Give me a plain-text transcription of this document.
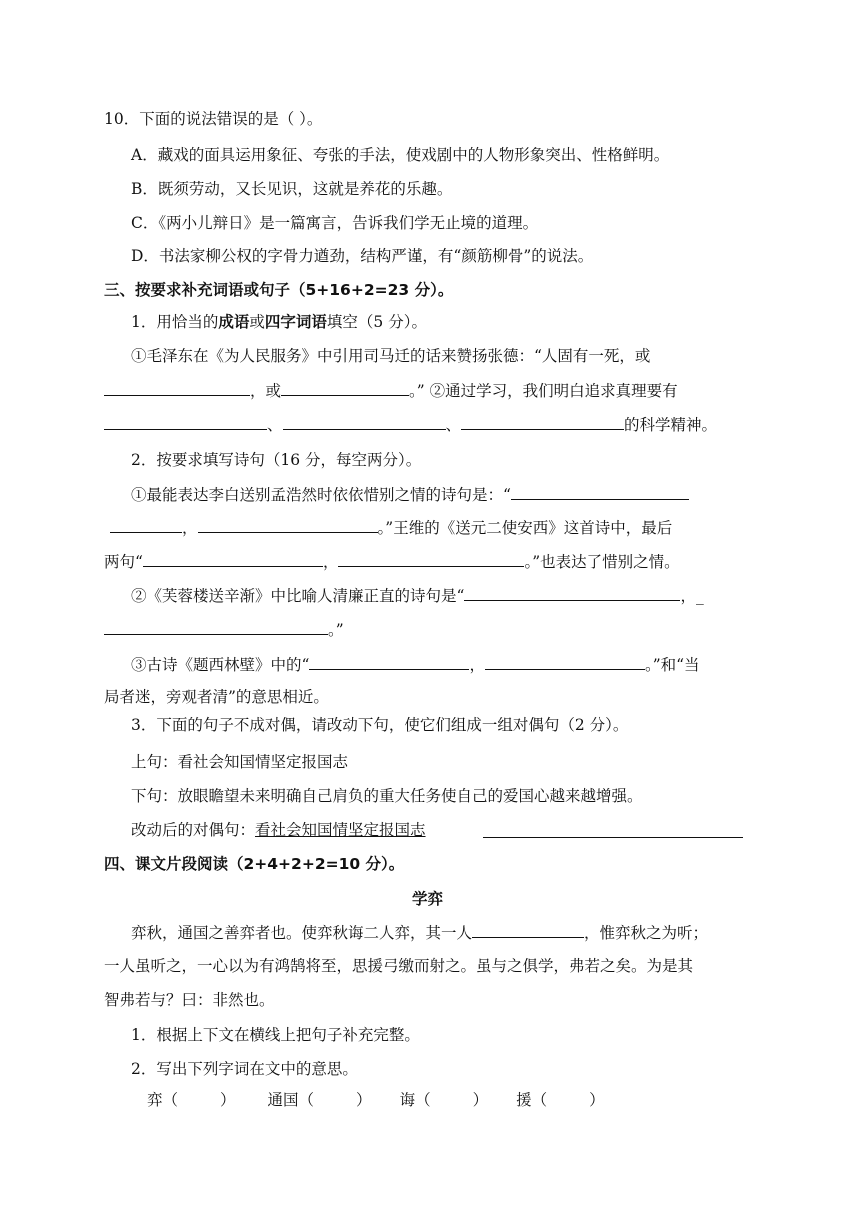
10．下面的说法错误的是（ ）。
A．藏戏的面具运用象征、夸张的手法，使戏剧中的人物形象突出、性格鲜明。
B．既须劳动，又长见识，这就是养花的乐趣。
C．《两小儿辩日》是一篇寓言，告诉我们学无止境的道理。
D．书法家柳公权的字骨力遒劲，结构严谨，有“颜筋柳骨”的说法。
三、按要求补充词语或句子（5+16+2=23 分）。
1．用恰当的成语或四字词语填空（5 分）。
①毛泽东在《为人民服务》中引用司马迁的话来赞扬张德：“人固有一死，或
，或	。” ②通过学习，我们明白追求真理要有
、	、	的科学精神。
2．按要求填写诗句（16 分，每空两分）。
①最能表达李白送别孟浩然时依依惜别之情的诗句是：“
，	。”王维的《送元二使安西》这首诗中，最后
两句“	，	。”也表达了惜别之情。
②《芙蓉楼送辛渐》中比喻人清廉正直的诗句是“	，_
。”
③古诗《题西林壁》中的“	，	。”和“当
局者迷，旁观者清”的意思相近。
3．下面的句子不成对偶，请改动下句，使它们组成一组对偶句（2 分）。
上句：看社会知国情坚定报国志
下句：放眼瞻望未来明确自己肩负的重大任务使自己的爱国心越来越增强。
改动后的对偶句：看社会知国情坚定报国志
四、课文片段阅读（2+4+2+2=10 分）。
学弈
弈秋，通国之善弈者也。使弈秋诲二人弈，其一人	，惟弈秋之为听；
一人虽听之，一心以为有鸿鹄将至，思援弓缴而射之。虽与之俱学，弗若之矣。为是其
智弗若与？曰：非然也。
1．根据上下文在横线上把句子补充完整。
2．写出下列字词在文中的意思。
弈（	） 通国（	） 诲（	） 援（	）
